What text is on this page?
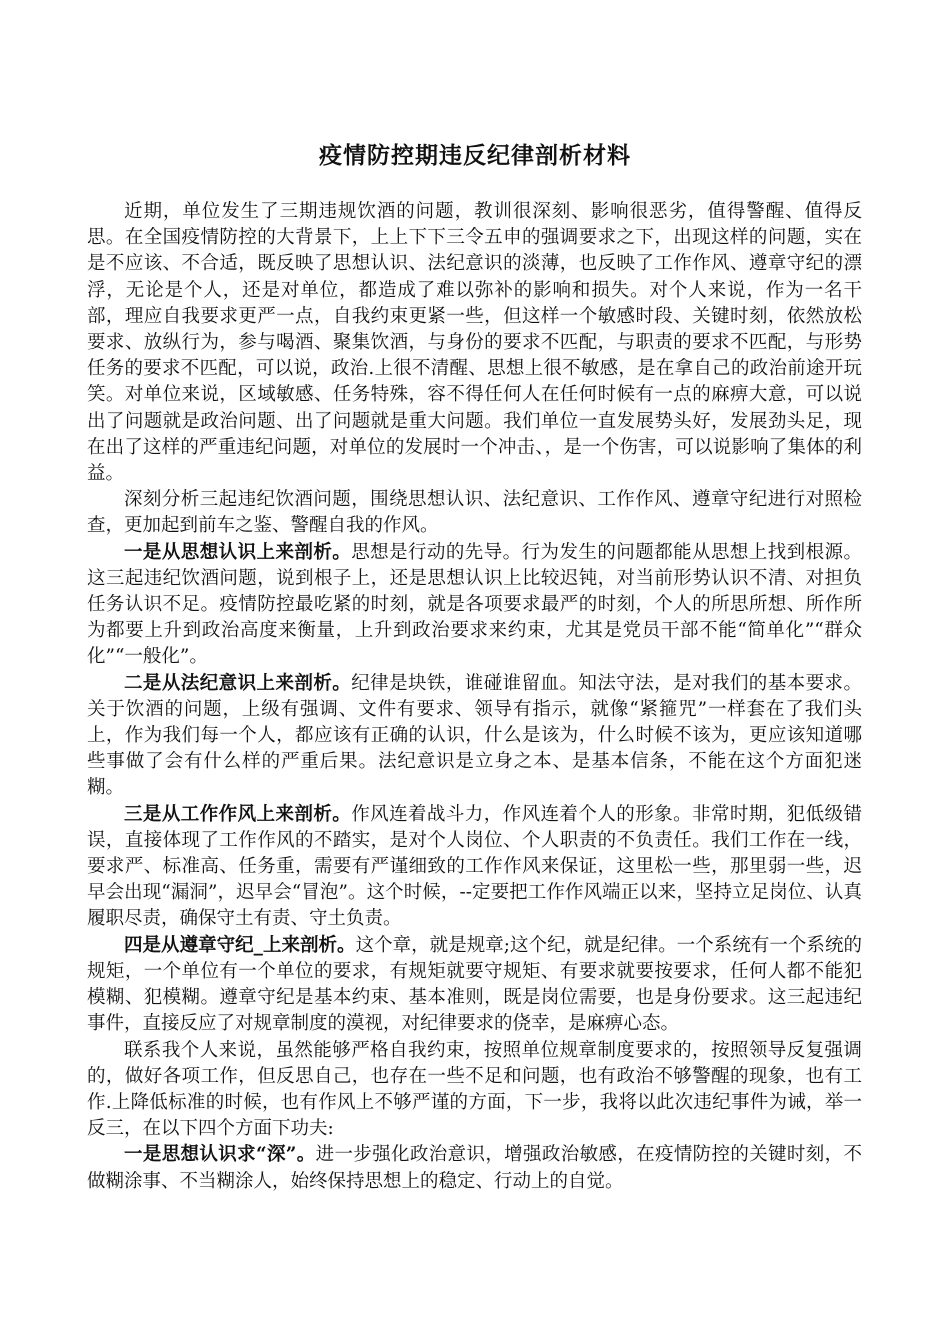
疫情防控期违反纪律剖析材料

近期，单位发生了三期违规饮酒的问题，教训很深刻、影响很恶劣，值得警醒、值得反思。在全国疫情防控的大背景下，上上下下三令五申的强调要求之下，出现这样的问题，实在是不应该、不合适，既反映了思想认识、法纪意识的淡薄，也反映了工作作风、遵章守纪的漂浮，无论是个人，还是对单位，都造成了难以弥补的影响和损失。对个人来说，作为一名干部，理应自我要求更严一点，自我约束更紧一些，但这样一个敏感时段、关键时刻，依然放松要求、放纵行为，参与喝酒、聚集饮酒，与身份的要求不匹配，与职责的要求不匹配，与形势任务的要求不匹配，可以说，政治.上很不清醒、思想上很不敏感，是在拿自己的政治前途开玩笑。对单位来说，区域敏感、任务特殊，容不得任何人在任何时候有一点的麻痹大意，可以说出了问题就是政治问题、出了问题就是重大问题。我们单位一直发展势头好，发展劲头足，现在出了这样的严重违纪问题，对单位的发展时一个冲击、，是一个伤害，可以说影响了集体的利益。

深刻分析三起违纪饮酒问题，围绕思想认识、法纪意识、工作作风、遵章守纪进行对照检查，更加起到前车之鉴、警醒自我的作风。

一是从思想认识上来剖析。思想是行动的先导。行为发生的问题都能从思想上找到根源。这三起违纪饮酒问题，说到根子上，还是思想认识上比较迟钝，对当前形势认识不清、对担负任务认识不足。疫情防控最吃紧的时刻，就是各项要求最严的时刻，个人的所思所想、所作所为都要上升到政治高度来衡量，上升到政治要求来约束，尤其是党员干部不能“简单化”“群众化”“一般化”。

二是从法纪意识上来剖析。纪律是块铁，谁碰谁留血。知法守法，是对我们的基本要求。关于饮酒的问题，上级有强调、文件有要求、领导有指示，就像“紧箍咒”一样套在了我们头上，作为我们每一个人，都应该有正确的认识，什么是该为，什么时候不该为，更应该知道哪些事做了会有什么样的严重后果。法纪意识是立身之本、是基本信条，不能在这个方面犯迷糊。

三是从工作作风上来剖析。作风连着战斗力，作风连着个人的形象。非常时期，犯低级错误，直接体现了工作作风的不踏实，是对个人岗位、个人职责的不负责任。我们工作在一线，要求严、标准高、任务重，需要有严谨细致的工作作风来保证，这里松一些，那里弱一些，迟早会出现“漏洞”，迟早会“冒泡”。这个时候，--定要把工作作风端正以来，坚持立足岗位、认真履职尽责，确保守土有责、守土负责。

四是从遵章守纪_上来剖析。这个章，就是规章;这个纪，就是纪律。一个系统有一个系统的规矩，一个单位有一个单位的要求，有规矩就要守规矩、有要求就要按要求，任何人都不能犯模糊、犯模糊。遵章守纪是基本约束、基本准则，既是岗位需要，也是身份要求。这三起违纪事件，直接反应了对规章制度的漠视，对纪律要求的侥幸，是麻痹心态。

联系我个人来说，虽然能够严格自我约束，按照单位规章制度要求的，按照领导反复强调的，做好各项工作，但反思自己，也存在一些不足和问题，也有政治不够警醒的现象，也有工作.上降低标准的时候，也有作风上不够严谨的方面，下一步，我将以此次违纪事件为诫，举一反三，在以下四个方面下功夫:

一是思想认识求“深”。进一步强化政治意识，增强政治敏感，在疫情防控的关键时刻，不做糊涂事、不当糊涂人，始终保持思想上的稳定、行动上的自觉。
